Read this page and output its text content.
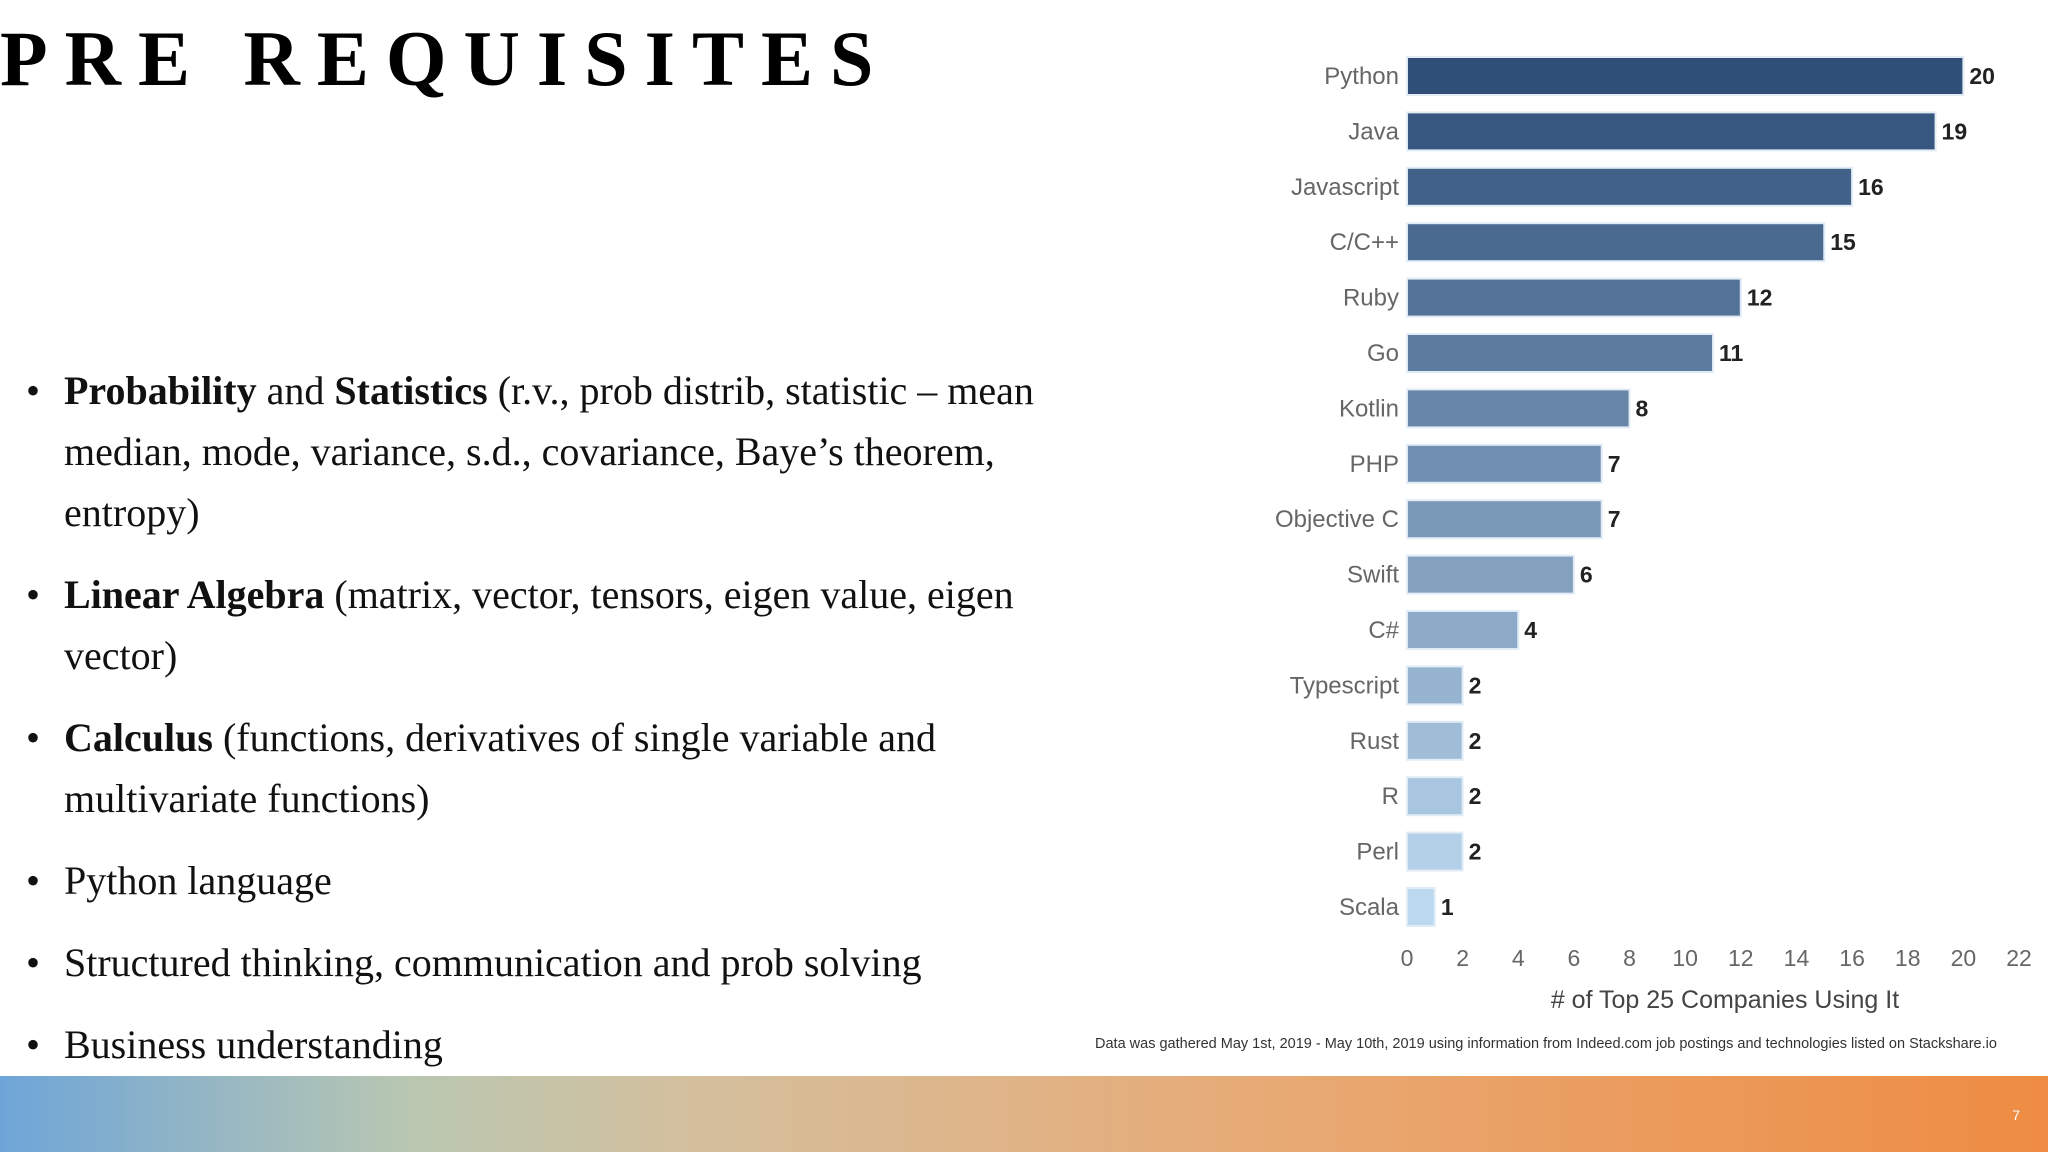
PRE REQUISITES
• Probability and Statistics (r.v., prob distrib, statistic – mean median, mode, variance, s.d., covariance, Baye’s theorem, entropy)
• Linear Algebra (matrix, vector, tensors, eigen value, eigen vector)
• Calculus (functions, derivatives of single variable and multivariate functions)
• Python language
• Structured thinking, communication and prob solving
• Business understanding
Python	20
Java	19
Javascript	16
C/C++	15
Ruby	12
Go	11
Kotlin	8
PHP	7
Objective C	7
Swift	6
C#	4
Typescript	2
Rust	2
R	2
Perl	2
Scala 1
0 2 4 6 8 10 12 14 16 18 20 22
# of Top 25 Companies Using It

Data was gathered May 1st, 2019 - May 10th, 2019 using information from Indeed.com job postings and technologies listed on Stackshare.io

7
